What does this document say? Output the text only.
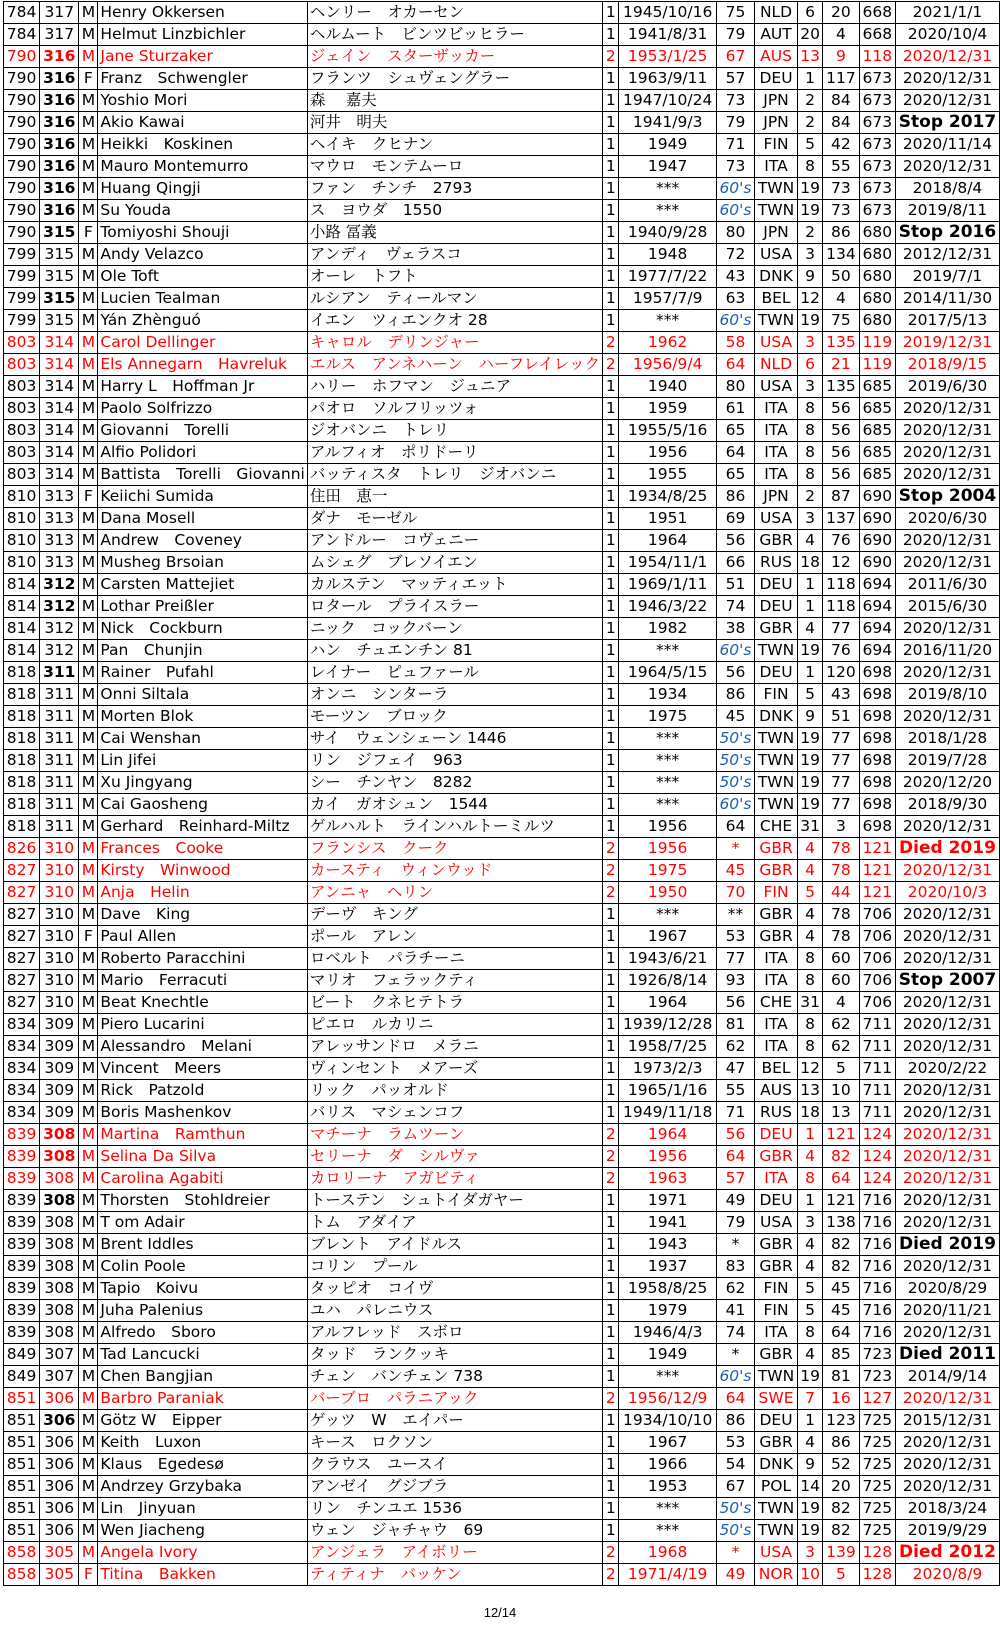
784	317	M	Henry Okkersen	ヘンリー　オカーセン	1	1945/10/16	75	NLD	6	20	668	2021/1/1
784	317	M	Helmut Linzbichler	ヘルムート　ビンツビッヒラー	1	1941/8/31	79	AUT	20	4	668	2020/10/4
790	316	M	Jane Sturzaker	ジェイン　スターザッカー	2	1953/1/25	67	AUS	13	9	118	2020/12/31
790	316	F	Franz　Schwengler	フランツ　シュヴェングラー	1	1963/9/11	57	DEU	1	117	673	2020/12/31
790	316	M	Yoshio Mori	森　 嘉夫	1	1947/10/24	73	JPN	2	84	673	2020/12/31
790	316	M	Akio Kawai	河井　明夫	1	1941/9/3	79	JPN	2	84	673	Stop 2017
790	316	M	Heikki　Koskinen	ヘイキ　クヒナン	1	1949	71	FIN	5	42	673	2020/11/14
790	316	M	Mauro Montemurro	マウロ　モンテムーロ	1	1947	73	ITA	8	55	673	2020/12/31
790	316	M	Huang Qingji	ファン　チンチ　2793	1	***	60's	TWN	19	73	673	2018/8/4
790	316	M	Su Youda	ス　ヨウダ　1550	1	***	60's	TWN	19	73	673	2019/8/11
790	315	F	Tomiyoshi Shouji	小路 冨義	1	1940/9/28	80	JPN	2	86	680	Stop 2016
799	315	M	Andy Velazco	アンディ　ヴェラスコ	1	1948	72	USA	3	134	680	2012/12/31
799	315	M	Ole Toft	オーレ　トフト	1	1977/7/22	43	DNK	9	50	680	2019/7/1
799	315	M	Lucien Tealman	ルシアン　ティールマン	1	1957/7/9	63	BEL	12	4	680	2014/11/30
799	315	M	Yán Zhènguó	イエン　ツィエンクオ 28	1	***	60's	TWN	19	75	680	2017/5/13
803	314	M	Carol Dellinger	キャロル　デリンジャー	2	1962	58	USA	3	135	119	2019/12/31
803	314	M	Els Annegarn　Havreluk	エルス　アンネハーン　ハーフレイレック	2	1956/9/4	64	NLD	6	21	119	2018/9/15
803	314	M	Harry L　Hoffman Jr	ハリー　ホフマン　ジュニア	1	1940	80	USA	3	135	685	2019/6/30
803	314	M	Paolo Solfrizzo	パオロ　ソルフリッツォ	1	1959	61	ITA	8	56	685	2020/12/31
803	314	M	Giovanni　Torelli	ジオバンニ　トレリ	1	1955/5/16	65	ITA	8	56	685	2020/12/31
803	314	M	Alfio Polidori	アルフィオ　ポリドーリ	1	1956	64	ITA	8	56	685	2020/12/31
803	314	M	Battista　Torelli　Giovanni	バッティスタ　トレリ　ジオバンニ	1	1955	65	ITA	8	56	685	2020/12/31
810	313	F	Keiichi Sumida	住田　恵一	1	1934/8/25	86	JPN	2	87	690	Stop 2004
810	313	M	Dana Mosell	ダナ　モーゼル	1	1951	69	USA	3	137	690	2020/6/30
810	313	M	Andrew　Coveney	アンドルー　コヴェニー	1	1964	56	GBR	4	76	690	2020/12/31
810	313	M	Musheg Brsoian	ムシェグ　ブレソイエン	1	1954/11/1	66	RUS	18	12	690	2020/12/31
814	312	M	Carsten Mattejiet	カルステン　マッティエット	1	1969/1/11	51	DEU	1	118	694	2011/6/30
814	312	M	Lothar Preißler	ロタール　プライスラー	1	1946/3/22	74	DEU	1	118	694	2015/6/30
814	312	M	Nick　Cockburn	ニック　コックバーン	1	1982	38	GBR	4	77	694	2020/12/31
814	312	M	Pan　Chunjin	ハン　チュエンチン 81	1	***	60's	TWN	19	76	694	2016/11/20
818	311	M	Rainer　Pufahl	レイナー　ピュファール	1	1964/5/15	56	DEU	1	120	698	2020/12/31
818	311	M	Onni Siltala	オンニ　シンターラ	1	1934	86	FIN	5	43	698	2019/8/10
818	311	M	Morten Blok	モーツン　ブロック	1	1975	45	DNK	9	51	698	2020/12/31
818	311	M	Cai Wenshan	サイ　ウェンシェーン 1446	1	***	50's	TWN	19	77	698	2018/1/28
818	311	M	Lin Jifei	リン　ジフェイ　963	1	***	50's	TWN	19	77	698	2019/7/28
818	311	M	Xu Jingyang	シー　チンヤン　8282	1	***	50's	TWN	19	77	698	2020/12/20
818	311	M	Cai Gaosheng	カイ　ガオシュン　1544	1	***	60's	TWN	19	77	698	2018/9/30
818	311	M	Gerhard　Reinhard-Miltz	ゲルハルト　ラインハルトーミルツ	1	1956	64	CHE	31	3	698	2020/12/31
826	310	M	Frances　Cooke	フランシス　クーク	2	1956	*	GBR	4	78	121	Died 2019
827	310	M	Kirsty　Winwood	カースティ　ウィンウッド	2	1975	45	GBR	4	78	121	2020/12/31
827	310	M	Anja　Helin	アンニャ　ヘリン	2	1950	70	FIN	5	44	121	2020/10/3
827	310	M	Dave　King	デーヴ　キング	1	***	**	GBR	4	78	706	2020/12/31
827	310	F	Paul Allen	ポール　アレン	1	1967	53	GBR	4	78	706	2020/12/31
827	310	M	Roberto Paracchini	ロベルト　パラチーニ	1	1943/6/21	77	ITA	8	60	706	2020/12/31
827	310	M	Mario　Ferracuti	マリオ　フェラックティ	1	1926/8/14	93	ITA	8	60	706	Stop 2007
827	310	M	Beat Knechtle	ビート　クネヒテトラ	1	1964	56	CHE	31	4	706	2020/12/31
834	309	M	Piero Lucarini	ピエロ　ルカリニ	1	1939/12/28	81	ITA	8	62	711	2020/12/31
834	309	M	Alessandro　Melani	アレッサンドロ　メラニ	1	1958/7/25	62	ITA	8	62	711	2020/12/31
834	309	M	Vincent　Meers	ヴィンセント　メアーズ	1	1973/2/3	47	BEL	12	5	711	2020/2/22
834	309	M	Rick　Patzold	リック　パッオルド	1	1965/1/16	55	AUS	13	10	711	2020/12/31
834	309	M	Boris Mashenkov	バリス　マシェンコフ	1	1949/11/18	71	RUS	18	13	711	2020/12/31
839	308	M	Martina　Ramthun	マチーナ　ラムツーン	2	1964	56	DEU	1	121	124	2020/12/31
839	308	M	Selina Da Silva	セリーナ　ダ　シルヴァ	2	1956	64	GBR	4	82	124	2020/12/31
839	308	M	Carolina Agabiti	カロリーナ　アガビティ	2	1963	57	ITA	8	64	124	2020/12/31
839	308	M	Thorsten　Stohldreier	トーステン　シュトイダガヤー	1	1971	49	DEU	1	121	716	2020/12/31
839	308	M	T om Adair	トム　アダイア	1	1941	79	USA	3	138	716	2020/12/31
839	308	M	Brent Iddles	ブレント　アイドルス	1	1943	*	GBR	4	82	716	Died 2019
839	308	M	Colin Poole	コリン　プール	1	1937	83	GBR	4	82	716	2020/12/31
839	308	M	Tapio　Koivu	タッピオ　コイヴ	1	1958/8/25	62	FIN	5	45	716	2020/8/29
839	308	M	Juha Palenius	ユハ　パレニウス	1	1979	41	FIN	5	45	716	2020/11/21
839	308	M	Alfredo　Sboro	アルフレッド　スボロ	1	1946/4/3	74	ITA	8	64	716	2020/12/31
849	307	M	Tad Lancucki	タッド　ランクッキ	1	1949	*	GBR	4	85	723	Died 2011
849	307	M	Chen Bangjian	チェン　バンチェン 738	1	***	60's	TWN	19	81	723	2014/9/14
851	306	M	Barbro Paraniak	バーブロ　パラニアック	2	1956/12/9	64	SWE	7	16	127	2020/12/31
851	306	M	Götz W　Eipper	ゲッツ　W　エイパー	1	1934/10/10	86	DEU	1	123	725	2015/12/31
851	306	M	Keith　Luxon	キース　ロクソン	1	1967	53	GBR	4	86	725	2020/12/31
851	306	M	Klaus　Egedesø	クラウス　ユースイ	1	1966	54	DNK	9	52	725	2020/12/31
851	306	M	Andrzey Grzybaka	アンゼイ　グジブラ	1	1953	67	POL	14	20	725	2020/12/31
851	306	M	Lin　Jinyuan	リン　チンユエ 1536	1	***	50's	TWN	19	82	725	2018/3/24
851	306	M	Wen Jiacheng	ウェン　ジャチャウ　69	1	***	50's	TWN	19	82	725	2019/9/29
858	305	M	Angela Ivory	アンジェラ　アイボリー	2	1968	*	USA	3	139	128	Died 2012
858	305	F	Titina　Bakken	ティティナ　バッケン	2	1971/4/19	49	NOR	10	5	128	2020/8/9
12/14
